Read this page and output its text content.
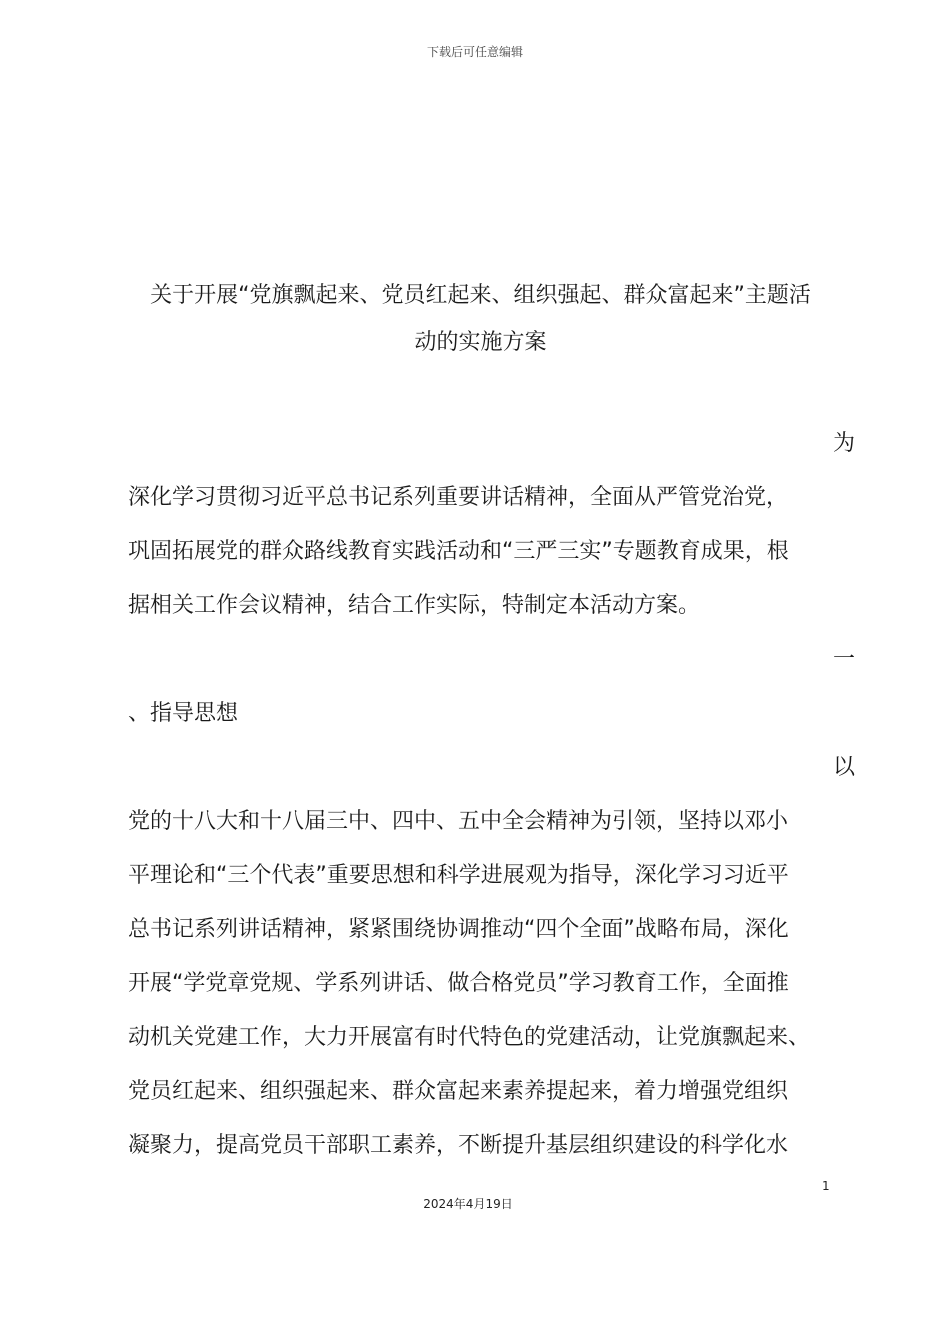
下载后可任意编辑
关于开展“党旗飘起来、党员红起来、组织强起、群众富起来”主题活
动的实施方案
为
深化学习贯彻习近平总书记系列重要讲话精神，全面从严管党治党，
巩固拓展党的群众路线教育实践活动和“三严三实”专题教育成果，根
据相关工作会议精神，结合工作实际，特制定本活动方案。
一
、指导思想
以
党的十八大和十八届三中、四中、五中全会精神为引领，坚持以邓小
平理论和“三个代表”重要思想和科学进展观为指导，深化学习习近平
总书记系列讲话精神，紧紧围绕协调推动“四个全面”战略布局，深化
开展“学党章党规、学系列讲话、做合格党员”学习教育工作，全面推
动机关党建工作，大力开展富有时代特色的党建活动，让党旗飘起来、
党员红起来、组织强起来、群众富起来素养提起来，着力增强党组织
凝聚力，提高党员干部职工素养，不断提升基层组织建设的科学化水
1
2024年4月19日
